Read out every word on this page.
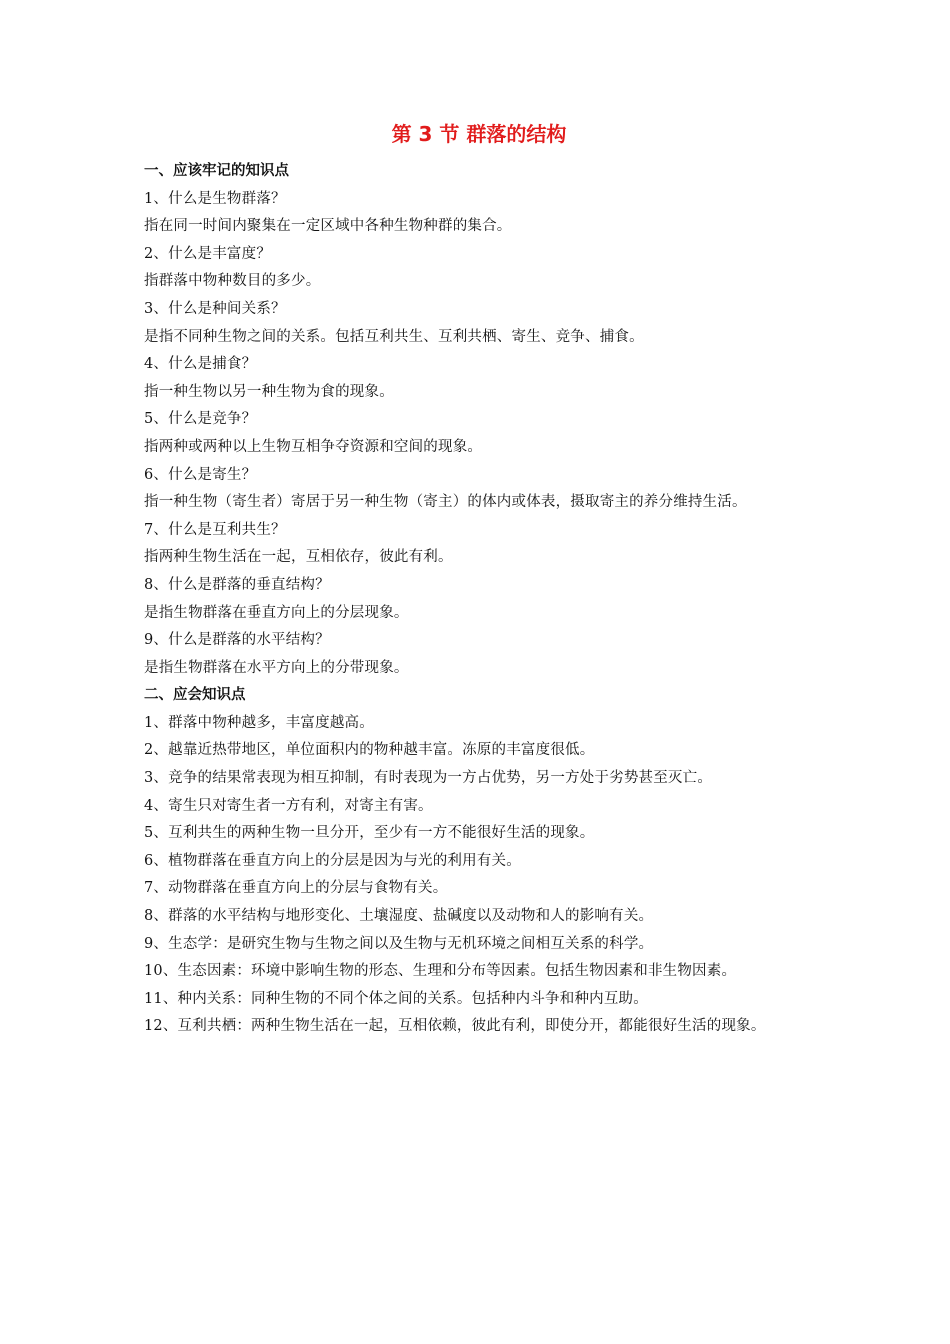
第 3 节 群落的结构
一、应该牢记的知识点

1、什么是生物群落？

指在同一时间内聚集在一定区域中各种生物种群的集合。

2、什么是丰富度？

指群落中物种数目的多少。

3、什么是种间关系？

是指不同种生物之间的关系。包括互利共生、互利共栖、寄生、竞争、捕食。

4、什么是捕食？

指一种生物以另一种生物为食的现象。

5、什么是竞争？

指两种或两种以上生物互相争夺资源和空间的现象。

6、什么是寄生？

指一种生物（寄生者）寄居于另一种生物（寄主）的体内或体表，摄取寄主的养分维持生活。

7、什么是互利共生？

指两种生物生活在一起，互相依存，彼此有利。

8、什么是群落的垂直结构？

是指生物群落在垂直方向上的分层现象。

9、什么是群落的水平结构？

是指生物群落在水平方向上的分带现象。

二、应会知识点

1、群落中物种越多，丰富度越高。

2、越靠近热带地区，单位面积内的物种越丰富。冻原的丰富度很低。

3、竞争的结果常表现为相互抑制，有时表现为一方占优势，另一方处于劣势甚至灭亡。

4、寄生只对寄生者一方有利，对寄主有害。

5、互利共生的两种生物一旦分开，至少有一方不能很好生活的现象。

6、植物群落在垂直方向上的分层是因为与光的利用有关。

7、动物群落在垂直方向上的分层与食物有关。

8、群落的水平结构与地形变化、土壤湿度、盐碱度以及动物和人的影响有关。

9、生态学：是研究生物与生物之间以及生物与无机环境之间相互关系的科学。

10、生态因素：环境中影响生物的形态、生理和分布等因素。包括生物因素和非生物因素。

11、种内关系：同种生物的不同个体之间的关系。包括种内斗争和种内互助。

12、互利共栖：两种生物生活在一起，互相依赖，彼此有利，即使分开，都能很好生活的现象。
